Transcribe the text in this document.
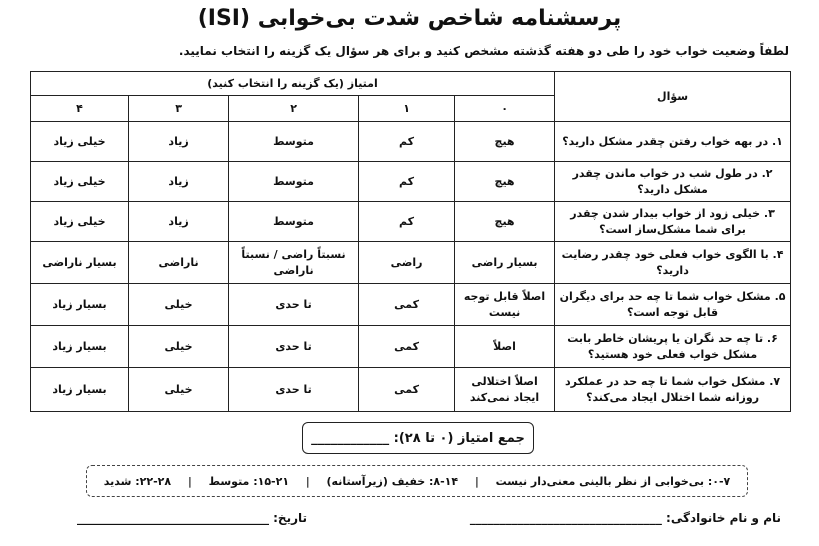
پرسشنامه شاخص شدت بی‌خوابی (ISI)
لطفاً وضعیت خواب خود را طی دو هفته گذشته مشخص کنید و برای هر سؤال یک گزینه را انتخاب نمایید.
سؤال	امتیاز (یک گزینه را انتخاب کنید)				
	۰	۱	۲	۳	۴
۱. در بهه خواب رفتن چقدر مشکل دارید؟	هیچ	کم	متوسط	زیاد	خیلی زیاد
۲. در طول شب در خواب ماندن چقدر مشکل دارید؟	هیچ	کم	متوسط	زیاد	خیلی زیاد
۳. خیلی زود از خواب بیدار شدن چقدر برای شما مشکل‌ساز است؟	هیچ	کم	متوسط	زیاد	خیلی زیاد
۴. با الگوی خواب فعلی خود چقدر رضایت دارید؟	بسیار راضی	راضی	نسبتاً راضی / نسبتاً ناراضی	ناراضی	بسیار ناراضی
۵. مشکل خواب شما تا چه حد برای دیگران قابل توجه است؟	اصلاً قابل توجه نیست	کمی	تا حدی	خیلی	بسیار زیاد
۶. تا چه حد نگران یا پریشان خاطر بابت مشکل خواب فعلی خود هستید؟	اصلاً	کمی	تا حدی	خیلی	بسیار زیاد
۷. مشکل خواب شما تا چه حد در عملکرد روزانه شما اختلال ایجاد می‌کند؟	اصلاً اختلالی ایجاد نمی‌کند	کمی	تا حدی	خیلی	بسیار زیاد
جمع امتیاز (۰ تا ۲۸): ____________
۰-۷: بی‌خوابی از نظر بالینی معنی‌دار نیست
|
۸-۱۴: خفیف (زیرآستانه)
|
۱۵-۲۱: متوسط
|
۲۲-۲۸: شدید
نام و نام خانوادگی: ________________________________
تاریخ: ________________________________
